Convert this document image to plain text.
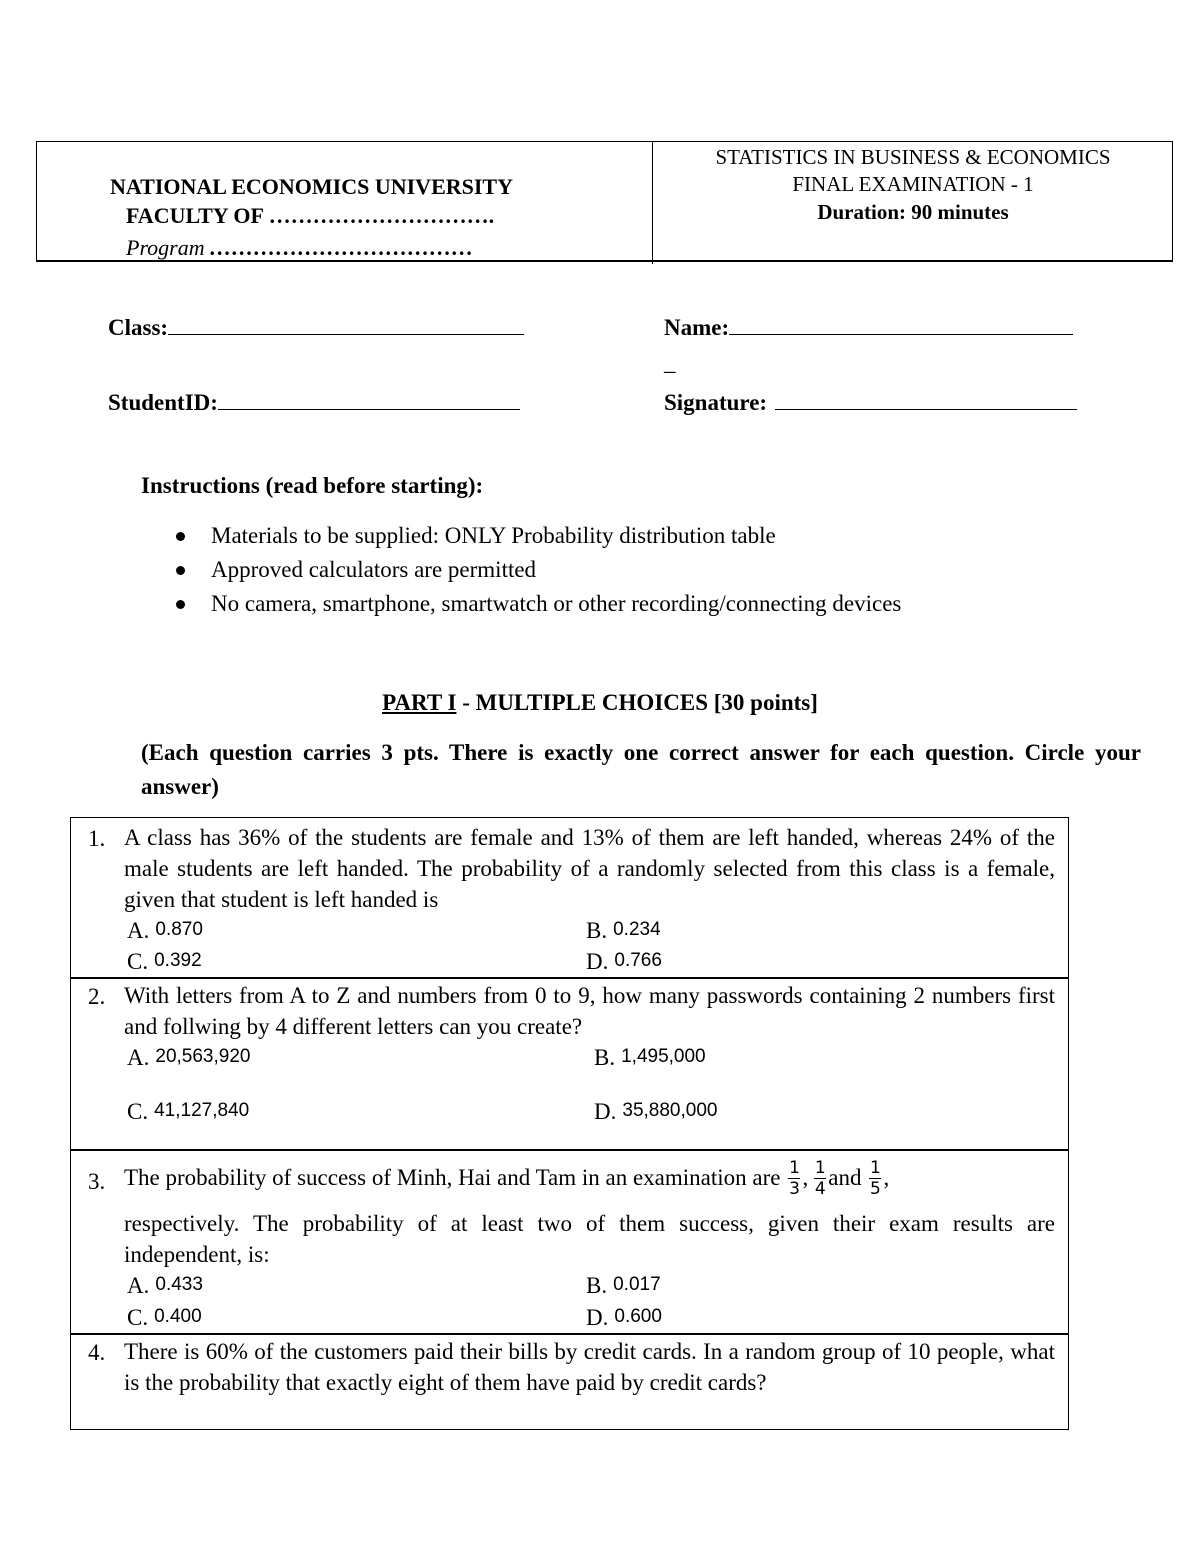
NATIONAL ECONOMICS UNIVERSITY
FACULTY OF ………………………….
Program ………………………………
STATISTICS IN BUSINESS & ECONOMICS
FINAL EXAMINATION - 1
Duration: 90 minutes
Class:	Name:
_
StudentID:	Signature:
Instructions (read before starting):
Materials to be supplied: ONLY Probability distribution table
Approved calculators are permitted
No camera, smartphone, smartwatch or other recording/connecting devices
PART I - MULTIPLE CHOICES [30 points]
(Each question carries 3 pts. There is exactly one correct answer for each question. Circle your answer)
1. A class has 36% of the students are female and 13% of them are left handed, whereas 24% of the male students are left handed. The probability of a randomly selected from this class is a female, given that student is left handed is
A. 0.870	B. 0.234
C. 0.392	D. 0.766
2. With letters from A to Z and numbers from 0 to 9, how many passwords containing 2 numbers first and follwing by 4 different letters can you create?
A. 20,563,920	B. 1,495,000
C. 41,127,840	D. 35,880,000
3. The probability of success of Minh, Hai and Tam in an examination are $\frac{1}{3}$ , $\frac{1}{4}$ and $\frac{1}{5}$ ,
respectively. The probability of at least two of them success, given their exam results are independent, is:
A. 0.433	B. 0.017
C. 0.400	D. 0.600
4. There is 60% of the customers paid their bills by credit cards. In a random group of 10 people, what is the probability that exactly eight of them have paid by credit cards?
